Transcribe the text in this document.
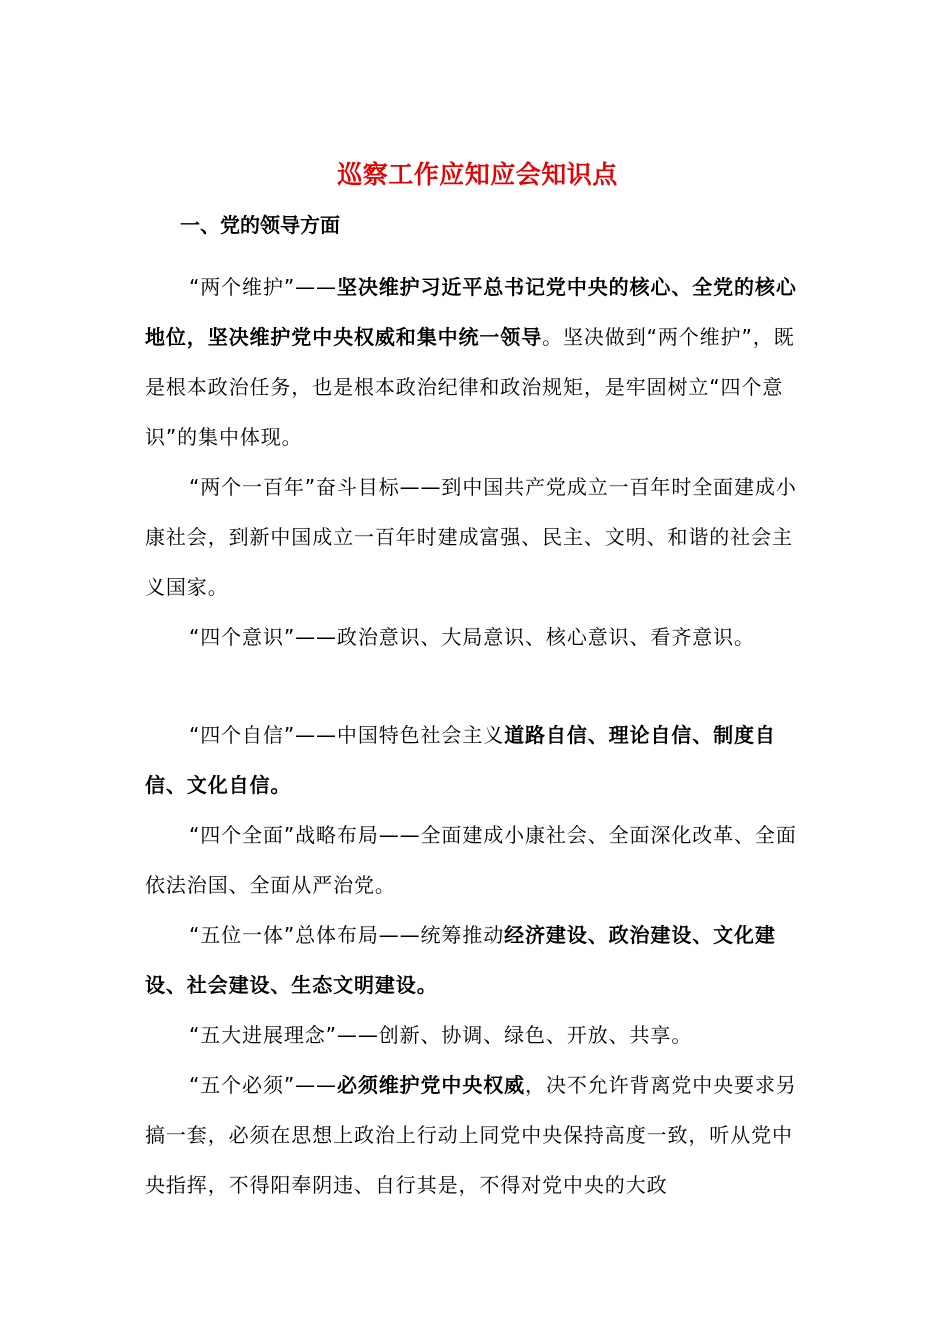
巡察工作应知应会知识点
一、党的领导方面

“两个维护”——坚决维护习近平总书记党中央的核心、全党的核心地位，坚决维护党中央权威和集中统一领导。坚决做到“两个维护”，既是根本政治任务，也是根本政治纪律和政治规矩，是牢固树立“四个意识”的集中体现。

“两个一百年”奋斗目标——到中国共产党成立一百年时全面建成小康社会，到新中国成立一百年时建成富强、民主、文明、和谐的社会主义国家。

“四个意识”——政治意识、大局意识、核心意识、看齐意识。

“四个自信”——中国特色社会主义道路自信、理论自信、制度自信、文化自信。

“四个全面”战略布局——全面建成小康社会、全面深化改革、全面依法治国、全面从严治党。

“五位一体”总体布局——统筹推动经济建设、政治建设、文化建设、社会建设、生态文明建设。

“五大进展理念”——创新、协调、绿色、开放、共享。

“五个必须”——必须维护党中央权威，决不允许背离党中央要求另搞一套，必须在思想上政治上行动上同党中央保持高度一致，听从党中央指挥，不得阳奉阴违、自行其是，不得对党中央的大政
